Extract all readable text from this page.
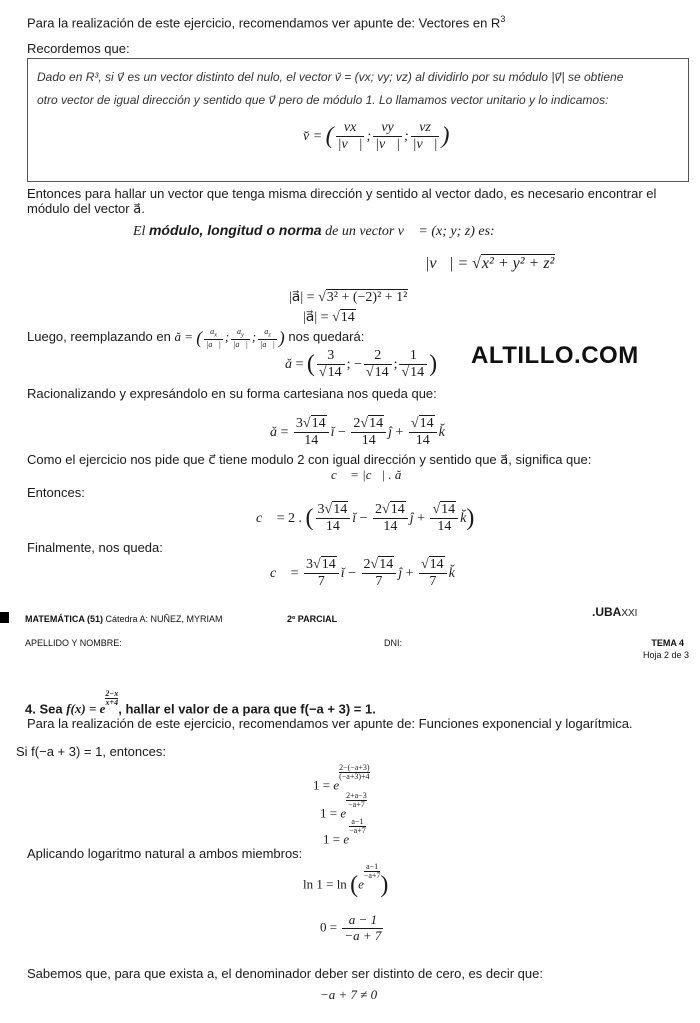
Para la realización de este ejercicio, recomendamos ver apunte de: Vectores en $R^3$
Recordemos que:
Dado en R³, si v⃗ es un vector distinto del nulo, el vector v̆ = (vx; vy; vz) al dividirlo por su módulo |v⃗| se obtiene
otro vector de igual dirección y sentido que v⃗ pero de módulo 1. Lo llamamos vector unitario y lo indicamos:
v̆ = ( $\frac{vx}{|v⃗|}$ ; $\frac{vy}{|v⃗|}$ ; $\frac{vz}{|v⃗|}$ )
Entonces para hallar un vector que tenga misma dirección y sentido al vector dado, es necesario encontrar el
módulo del vector a⃗.
El módulo, longitud o norma de un vector v⃗ = (x; y; z) es:
|v⃗| = √x² + y² + z²
|a⃗| = √3² + (−2)² + 1²
|a⃗| = √14
Luego, reemplazando en ă = ( $\frac{a_x}{|a⃗|}$ ; $\frac{a_y}{|a⃗|}$ ; $\frac{a_z}{|a⃗|}$ ) nos quedará:
ă = ( $\frac{3}{√14}$ ; − $\frac{2}{√14}$ ; $\frac{1}{√14}$ ) ALTILLO.COM
Racionalizando y expresándolo en su forma cartesiana nos queda que:
ă = $\frac{3√14}{14}$ ĭ − $\frac{2√14}{14}$ ĵ + $\frac{√14}{14}$ k̆
Como el ejercicio nos pide que c⃗ tiene modulo 2 con igual dirección y sentido que a⃗, significa que:
c⃗ = |c⃗| . ă
Entonces:
c⃗ = 2 . ( $\frac{3√14}{14}$ ĭ − $\frac{2√14}{14}$ ĵ + $\frac{√14}{14}$ k̆)
Finalmente, nos queda:
c⃗ = $\frac{3√14}{7}$ ĭ − $\frac{2√14}{7}$ ĵ + $\frac{√14}{7}$ k̆
MATEMÁTICA (51) Cátedra A: NUÑEZ, MYRIAM	2º PARCIAL	.UBAXXI
APELLIDO Y NOMBRE:	DNI:	TEMA 4
Hoja 2 de 3
4. Sea f(x) = e
$\frac{2-x}{x+4}$
, hallar el valor de a para que f(−a + 3) = 1.
Para la realización de este ejercicio, recomendamos ver apunte de: Funciones exponencial y logarítmica.
Si f(−a + 3) = 1, entonces:
1 = e
$\frac{2-(-a+3)}{(-a+3)+4}$
1 = e
$\frac{2+a-3}{-a+7}$
1 = e
$\frac{a-1}{-a+7}$
Aplicando logaritmo natural a ambos miembros:
ln 1 = ln (e
$\frac{a-1}{-a+7}$
)
$0 = \frac{a - 1}{-a + 7}$
Sabemos que, para que exista a, el denominador deber ser distinto de cero, es decir que:
−a + 7 ≠ 0
